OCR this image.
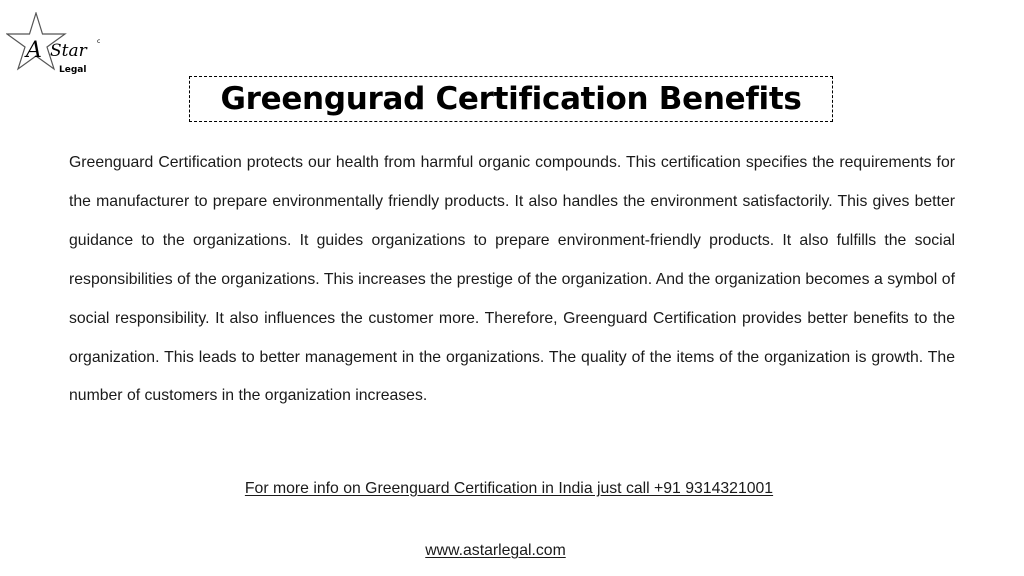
A Star
Legal
c
Greengurad Certification Benefits

Greenguard Certification protects our health from harmful organic compounds. This certification specifies the requirements for the manufacturer to prepare environmentally friendly products. It also handles the environment satisfactorily. This gives better guidance to the organizations. It guides organizations to prepare environment-friendly products. It also fulfills the social responsibilities of the organizations. This increases the prestige of the organization. And the organization becomes a symbol of social responsibility. It also influences the customer more. Therefore, Greenguard Certification provides better benefits to the organization. This leads to better management in the organizations. The quality of the items of the organization is growth. The number of customers in the organization increases.

For more info on Greenguard Certification in India just call +91 9314321001
www.astarlegal.com
